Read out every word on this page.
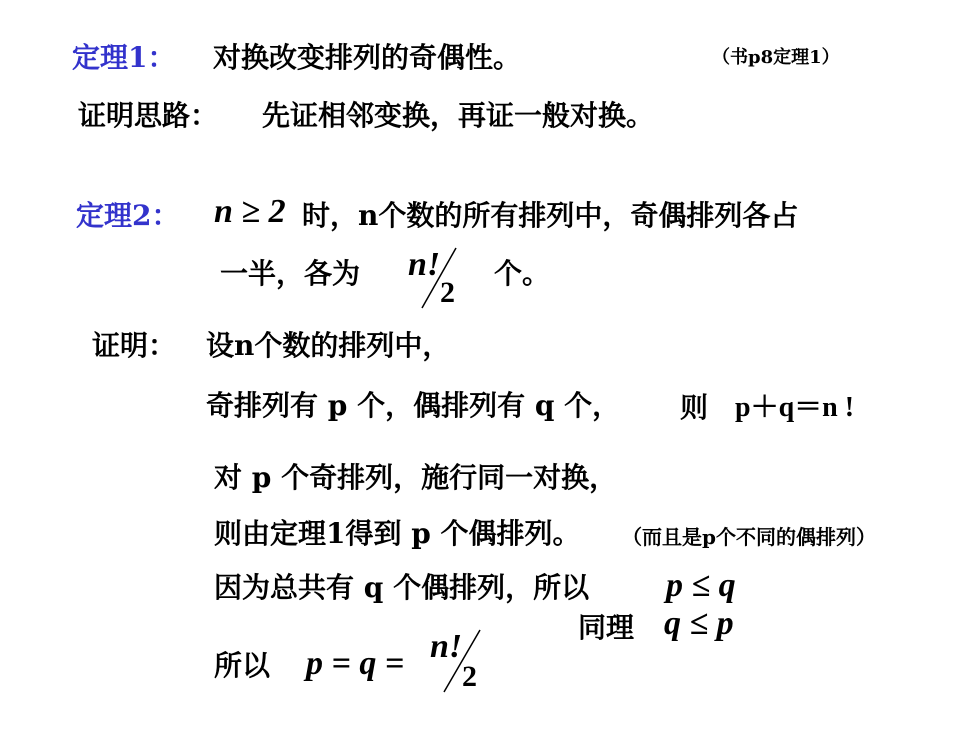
定理1： 对换改变排列的奇偶性。	（书p8定理1）
证明思路： 先证相邻变换，再证一般对换。
定理2： n ≥ 2 时，n个数的所有排列中，奇偶排列各占
一半，各为 n!
2
个。
证明： 设n个数的排列中，
奇排列有 p 个，偶排列有 q 个， 则 p＋q＝n !
对 p 个奇排列，施行同一对换，
则由定理1得到 p 个偶排列。 （而且是p个不同的偶排列）
因为总共有 q 个偶排列，所以 p ≤ q
同理 q ≤ p
所以 p = q = n!
2
